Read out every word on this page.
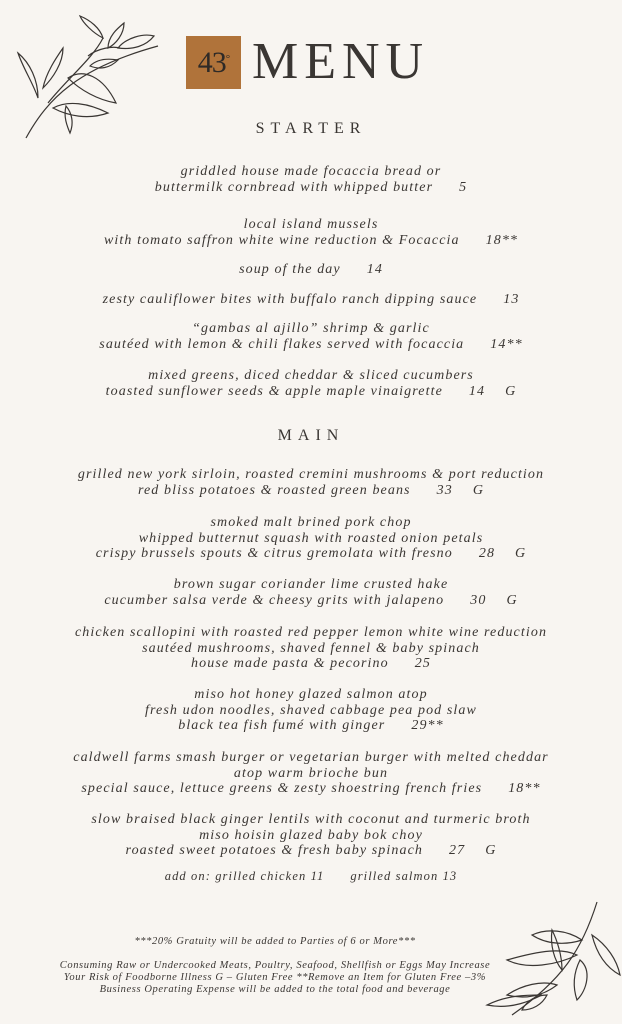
43° MENU
STARTER
griddled house made focaccia bread or
buttermilk cornbread with whipped butter 5
local island mussels
with tomato saffron white wine reduction & Focaccia 18**
soup of the day 14
zesty cauliflower bites with buffalo ranch dipping sauce 13
“gambas al ajillo” shrimp & garlic
sautéed with lemon & chili flakes served with focaccia 14**
mixed greens, diced cheddar & sliced cucumbers
toasted sunflower seeds & apple maple vinaigrette 14 G
MAIN
grilled new york sirloin, roasted cremini mushrooms & port reduction
red bliss potatoes & roasted green beans 33 G
smoked malt brined pork chop
whipped butternut squash with roasted onion petals
crispy brussels spouts & citrus gremolata with fresno 28 G
brown sugar coriander lime crusted hake
cucumber salsa verde & cheesy grits with jalapeno 30 G
chicken scallopini with roasted red pepper lemon white wine reduction
sautéed mushrooms, shaved fennel & baby spinach
house made pasta & pecorino 25
miso hot honey glazed salmon atop
fresh udon noodles, shaved cabbage pea pod slaw
black tea fish fumé with ginger 29**
caldwell farms smash burger or vegetarian burger with melted cheddar
atop warm brioche bun
special sauce, lettuce greens & zesty shoestring french fries 18**
slow braised black ginger lentils with coconut and turmeric broth
miso hoisin glazed baby bok choy
roasted sweet potatoes & fresh baby spinach 27 G
add on: grilled chicken 11 grilled salmon 13
***20% Gratuity will be added to Parties of 6 or More***
Consuming Raw or Undercooked Meats, Poultry, Seafood, Shellfish or Eggs May Increase
Your Risk of Foodborne Illness G – Gluten Free **Remove an Item for Gluten Free –3%
Business Operating Expense will be added to the total food and beverage
